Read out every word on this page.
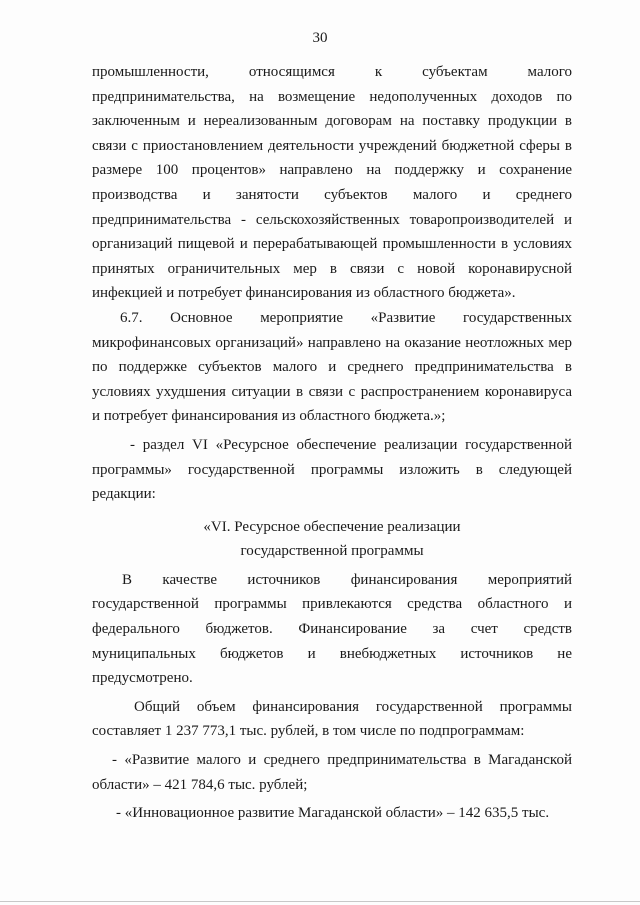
30
промышленности, относящимся к субъектам малого
предпринимательства, на возмещение недополученных доходов по
заключенным и нереализованным договорам на поставку продукции в
связи с приостановлением деятельности учреждений бюджетной сферы в
размере 100 процентов» направлено на поддержку и сохранение
производства и занятости субъектов малого и среднего
предпринимательства - сельскохозяйственных товаропроизводителей и
организаций пищевой и перерабатывающей промышленности в условиях
принятых ограничительных мер в связи с новой коронавирусной
инфекцией и потребует финансирования из областного бюджета».
6.7. Основное мероприятие «Развитие государственных
микрофинансовых организаций» направлено на оказание неотложных мер
по поддержке субъектов малого и среднего предпринимательства в
условиях ухудшения ситуации в связи с распространением коронавируса
и потребует финансирования из областного бюджета.»;
- раздел VI «Ресурсное обеспечение реализации государственной
программы» государственной программы изложить в следующей
редакции:
«VI. Ресурсное обеспечение реализации
государственной программы
В качестве источников финансирования мероприятий
государственной программы привлекаются средства областного и
федерального бюджетов. Финансирование за счет средств
муниципальных бюджетов и внебюджетных источников не
предусмотрено.
Общий объем финансирования государственной программы
составляет 1 237 773,1 тыс. рублей, в том числе по подпрограммам:
- «Развитие малого и среднего предпринимательства в Магаданской
области» – 421 784,6 тыс. рублей;
- «Инновационное развитие Магаданской области» – 142 635,5 тыс.
